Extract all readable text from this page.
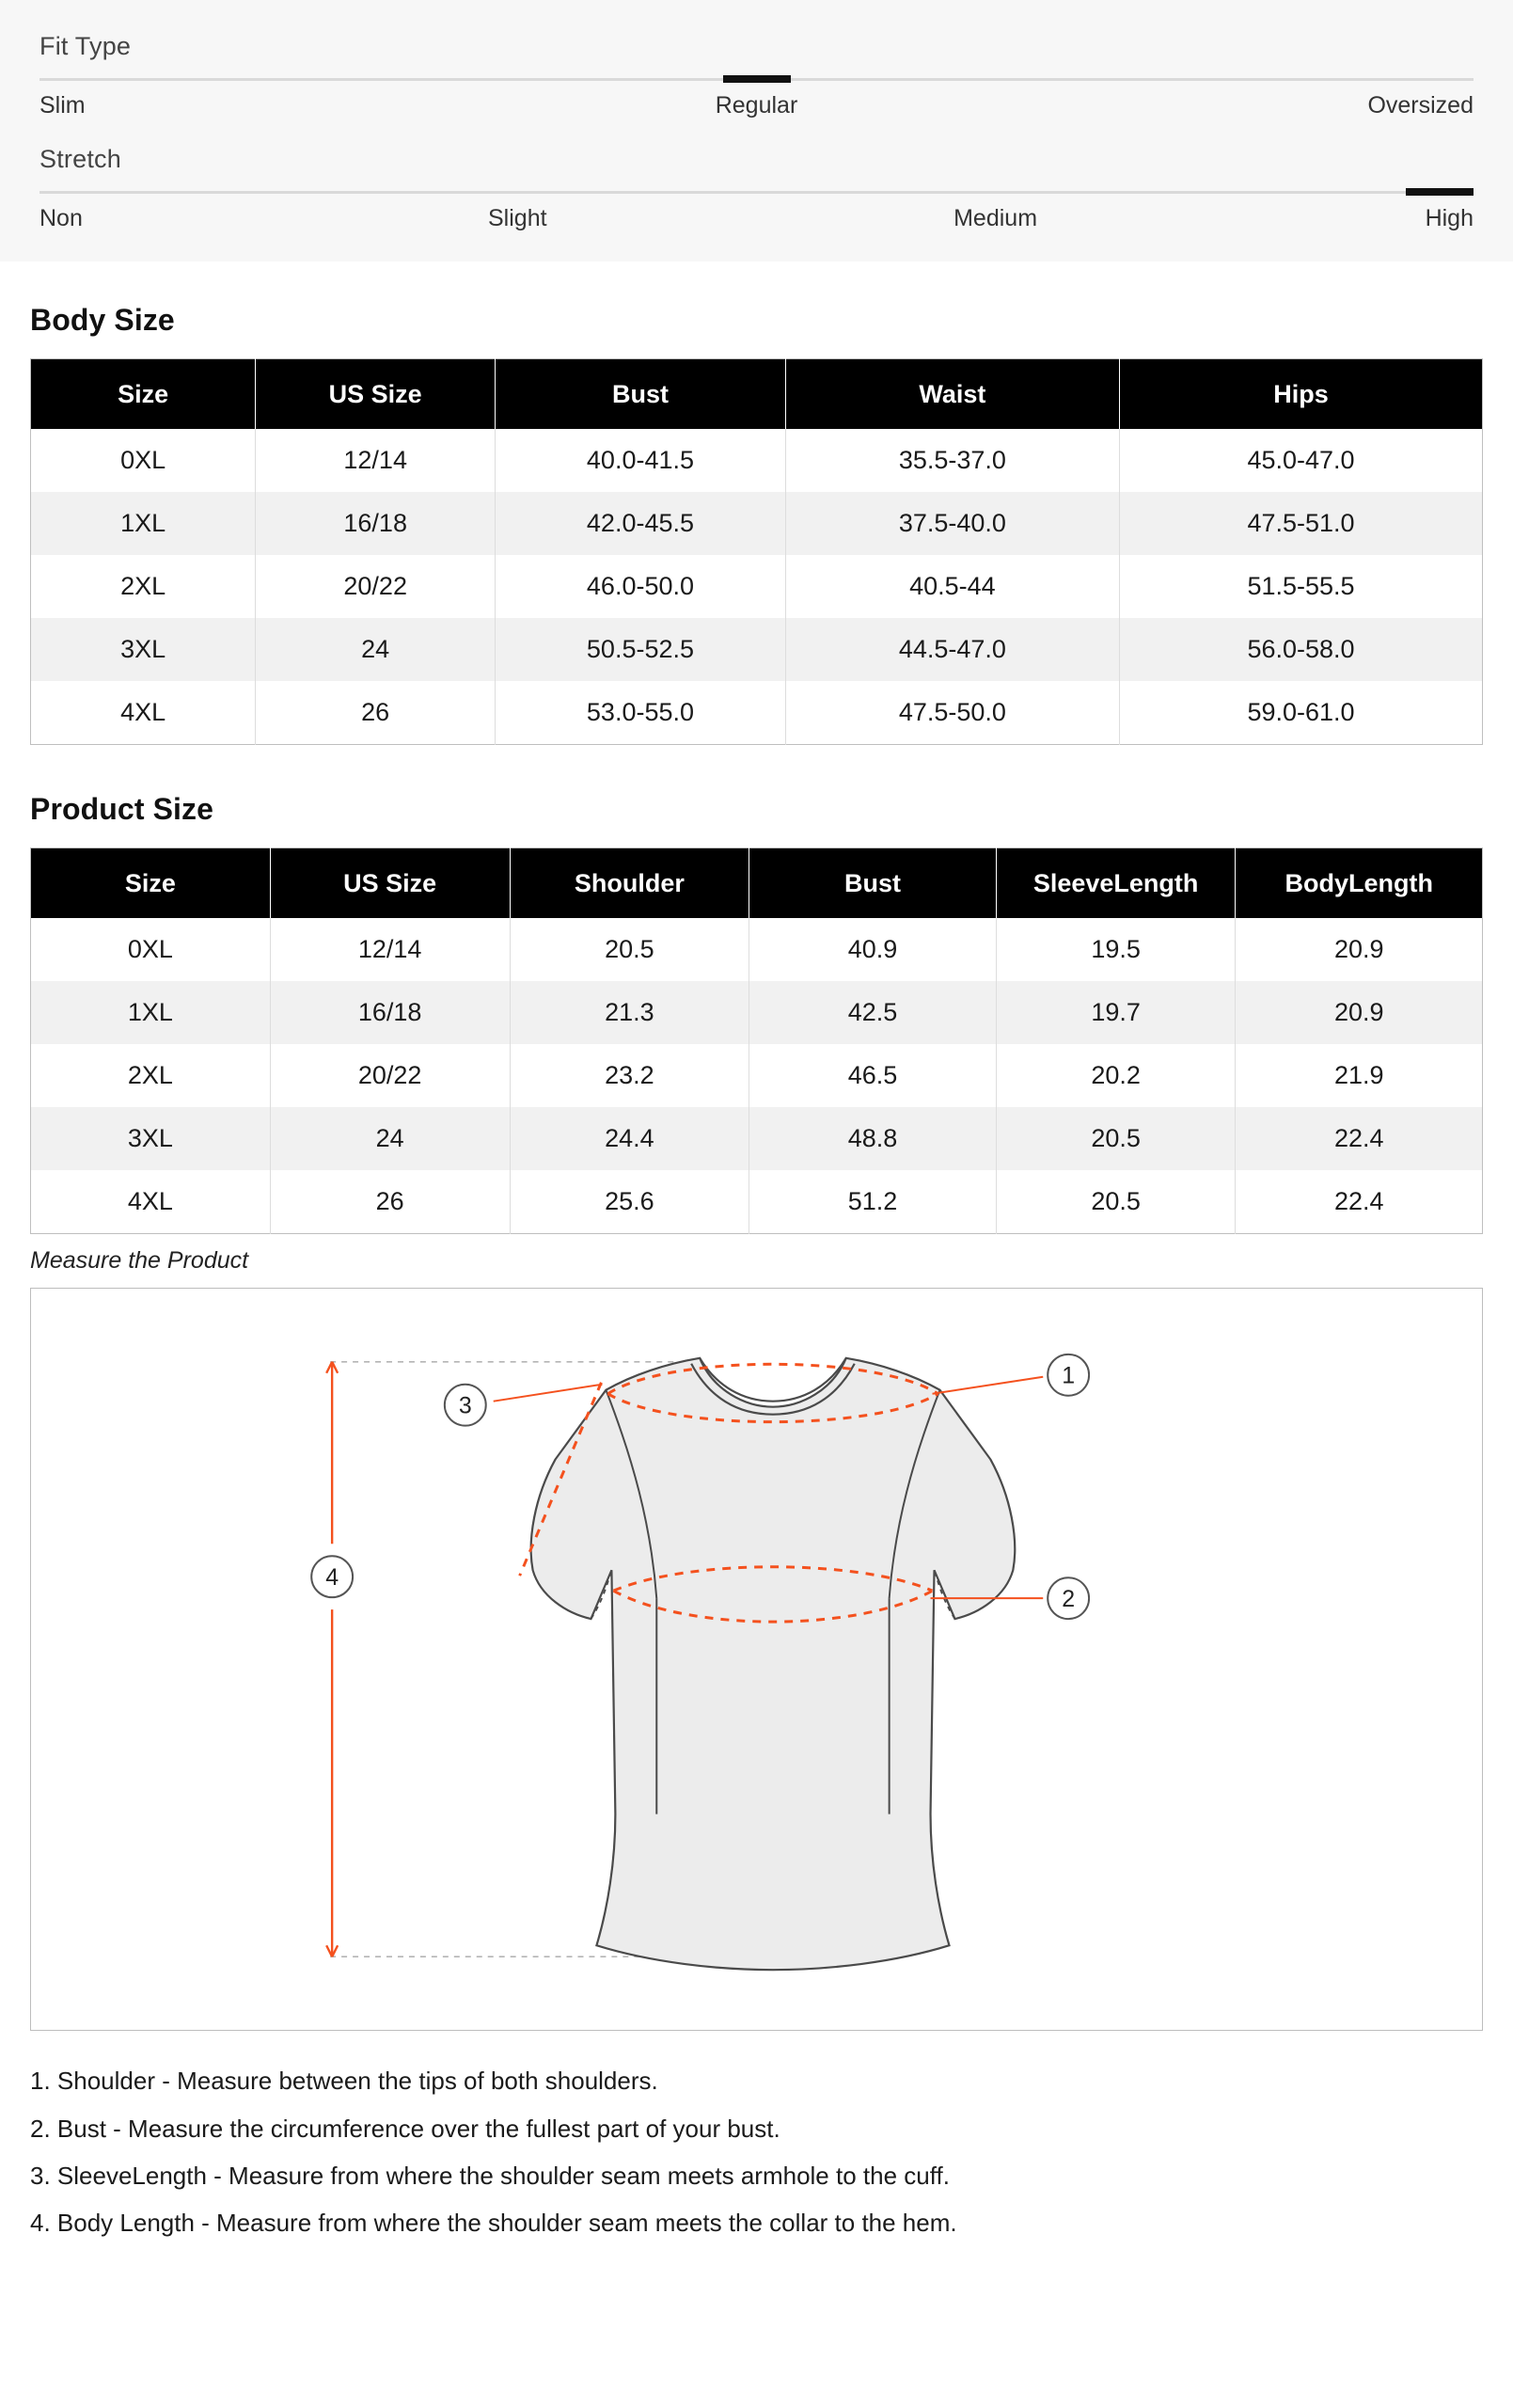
Fit Type
Slim	Regular	Oversized
Stretch
Non	Slight	Medium	High
Body Size
Size	US Size	Bust	Waist	Hips
0XL	12/14	40.0-41.5	35.5-37.0	45.0-47.0
1XL	16/18	42.0-45.5	37.5-40.0	47.5-51.0
2XL	20/22	46.0-50.0	40.5-44	51.5-55.5
3XL	24	50.5-52.5	44.5-47.0	56.0-58.0
4XL	26	53.0-55.0	47.5-50.0	59.0-61.0
Product Size
Size	US Size	Shoulder	Bust	SleeveLength	BodyLength
0XL	12/14	20.5	40.9	19.5	20.9
1XL	16/18	21.3	42.5	19.7	20.9
2XL	20/22	23.2	46.5	20.2	21.9
3XL	24	24.4	48.8	20.5	22.4
4XL	26	25.6	51.2	20.5	22.4
Measure the Product
1
2
3
4
1. Shoulder - Measure between the tips of both shoulders.
2. Bust - Measure the circumference over the fullest part of your bust.
3. SleeveLength - Measure from where the shoulder seam meets armhole to the cuff.
4. Body Length - Measure from where the shoulder seam meets the collar to the hem.
